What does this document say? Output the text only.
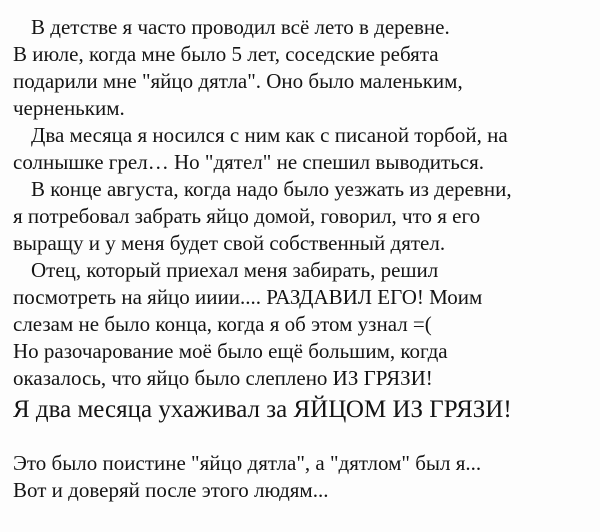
В детстве я часто проводил всё лето в деревне.
В июле, когда мне было 5 лет, соседские ребята
подарили мне "яйцо дятла". Оно было маленьким,
черненьким.
Два месяца я носился с ним как с писаной торбой, на
солнышке грел… Но "дятел" не спешил выводиться.
В конце августа, когда надо было уезжать из деревни,
я потребовал забрать яйцо домой, говорил, что я его
выращу и у меня будет свой собственный дятел.
Отец, который приехал меня забирать, решил
посмотреть на яйцо ииии.... РАЗДАВИЛ ЕГО! Моим
слезам не было конца, когда я об этом узнал =(
Но разочарование моё было ещё большим, когда
оказалось, что яйцо было слеплено ИЗ ГРЯЗИ!
Я два месяца ухаживал за ЯЙЦОМ ИЗ ГРЯЗИ!
Это было поистине "яйцо дятла", а "дятлом" был я...
Вот и доверяй после этого людям...
